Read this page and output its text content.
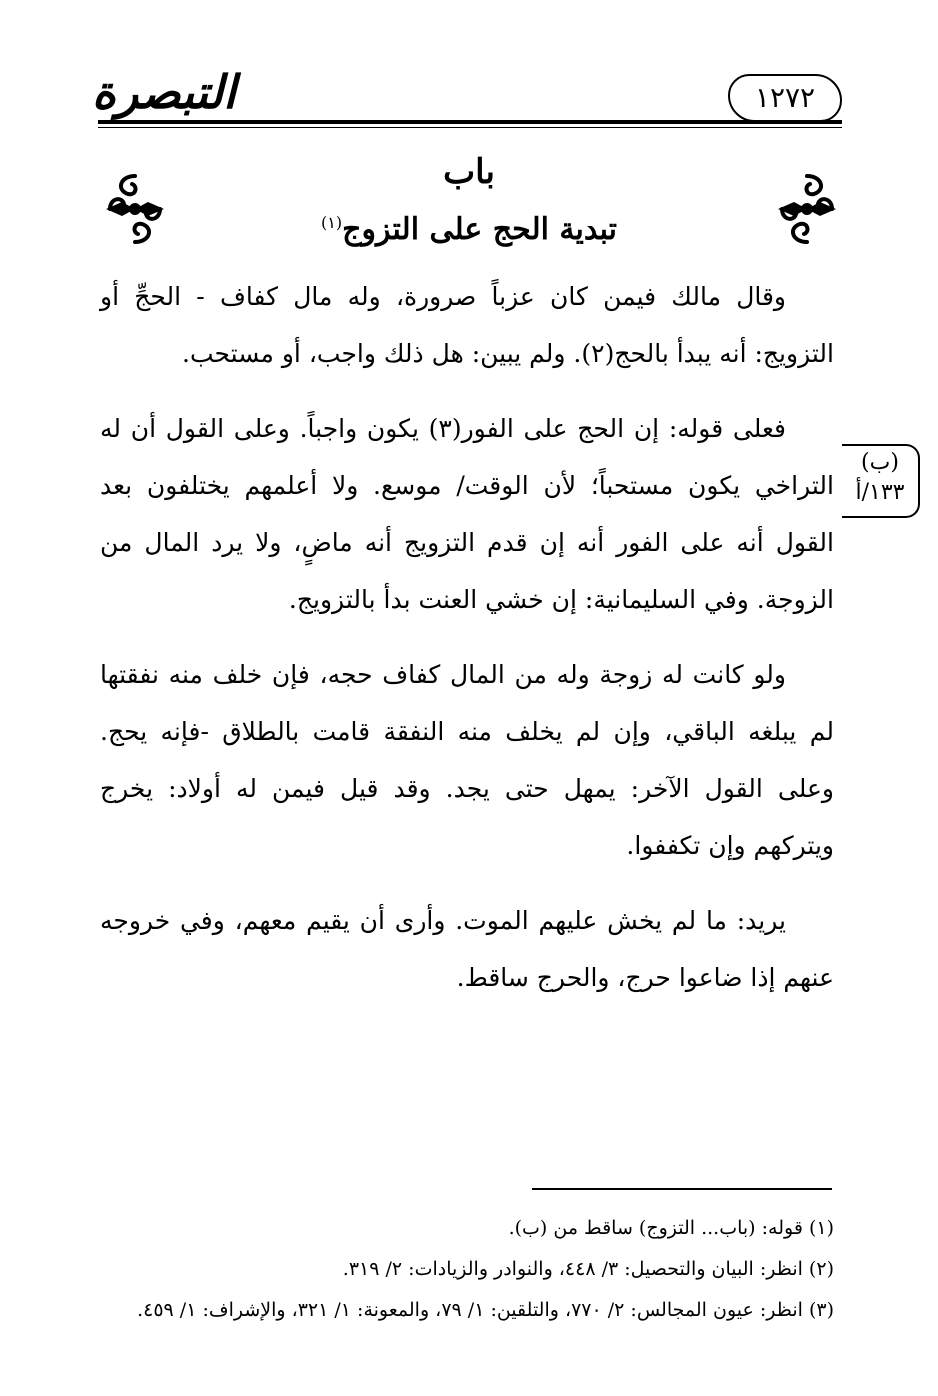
التبصرة	١٢٧٢
باب
تبدية الحج على التزوج$^{(١)}$

وقال مالك فيمن كان عزباً صرورة، وله مال كفاف - الحجِّ أو التزويج: أنه يبدأ بالحج(٢). ولم يبين: هل ذلك واجب، أو مستحب.

فعلى قوله: إن الحج على الفور(٣) يكون واجباً. وعلى القول أن له التراخي يكون مستحباً؛ لأن الوقت/ موسع. ولا أعلمهم يختلفون بعد القول أنه على الفور أنه إن قدم التزويج أنه ماضٍ، ولا يرد المال من الزوجة. وفي السليمانية: إن خشي العنت بدأ بالتزويج.

ولو كانت له زوجة وله من المال كفاف حجه، فإن خلف منه نفقتها لم يبلغه الباقي، وإن لم يخلف منه النفقة قامت بالطلاق -فإنه يحج. وعلى القول الآخر: يمهل حتى يجد. وقد قيل فيمن له أولاد: يخرج ويتركهم وإن تكففوا.

يريد: ما لم يخش عليهم الموت. وأرى أن يقيم معهم، وفي خروجه عنهم إذا ضاعوا حرج، والحرج ساقط.

(ب)
١٣٣/أ
(١) قوله: (باب... التزوج) ساقط من (ب).
(٢) انظر: البيان والتحصيل: ٣/ ٤٤٨، والنوادر والزيادات: ٢/ ٣١٩.
(٣) انظر: عيون المجالس: ٢/ ٧٧٠، والتلقين: ١/ ٧٩، والمعونة: ١/ ٣٢١، والإشراف: ١/ ٤٥٩.
